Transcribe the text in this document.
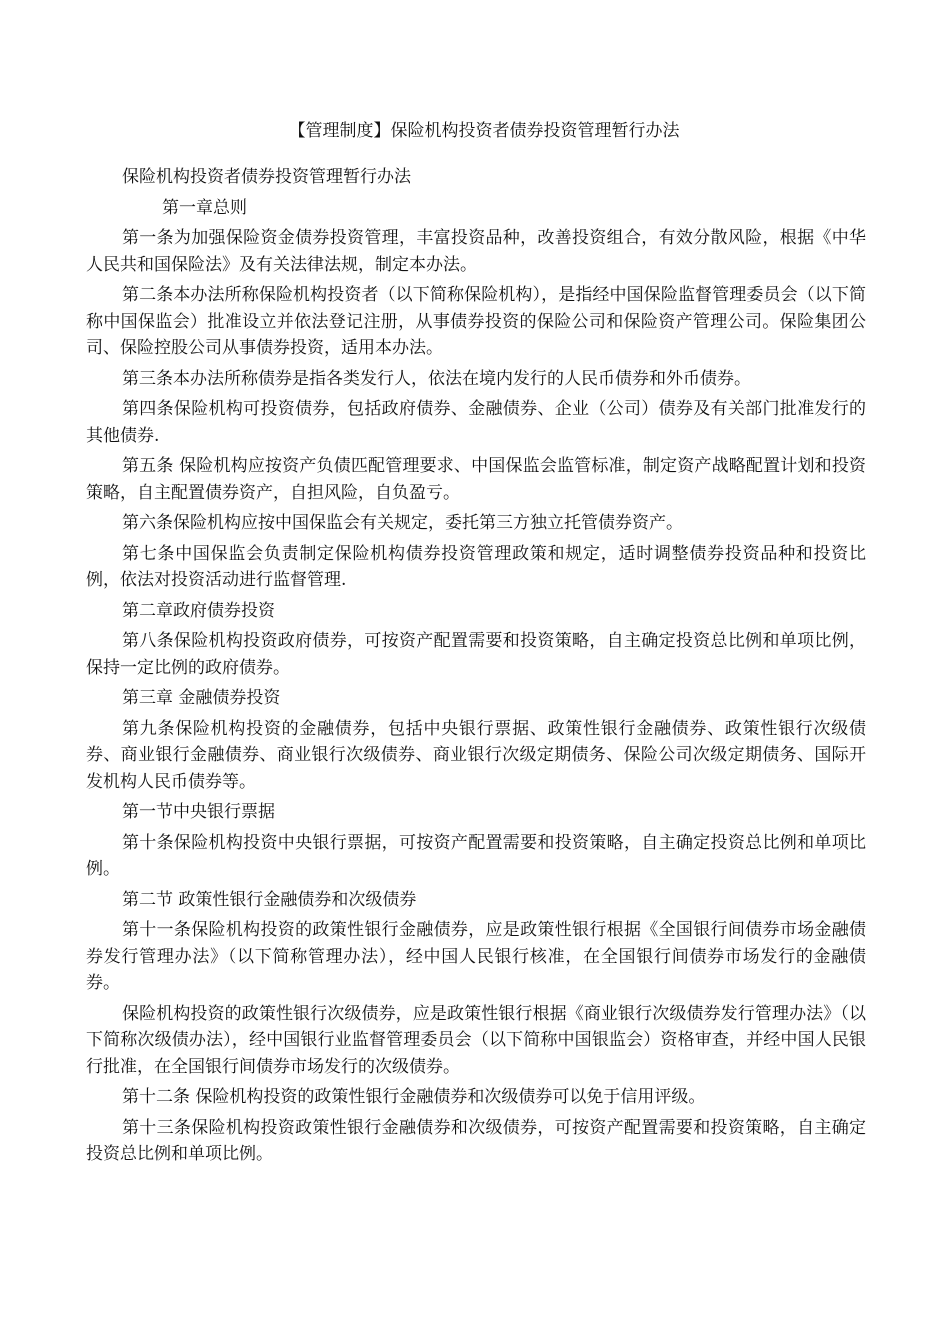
【管理制度】保险机构投资者债券投资管理暂行办法

保险机构投资者债券投资管理暂行办法

第一章总则

第一条为加强保险资金债券投资管理，丰富投资品种，改善投资组合，有效分散风险，根据《中华人民共和国保险法》及有关法律法规，制定本办法。

第二条本办法所称保险机构投资者（以下简称保险机构），是指经中国保险监督管理委员会（以下简称中国保监会）批准设立并依法登记注册，从事债券投资的保险公司和保险资产管理公司。保险集团公司、保险控股公司从事债券投资，适用本办法。

第三条本办法所称债券是指各类发行人，依法在境内发行的人民币债券和外币债券。

第四条保险机构可投资债券，包括政府债券、金融债券、企业（公司）债券及有关部门批准发行的其他债券.

第五条 保险机构应按资产负债匹配管理要求、中国保监会监管标准，制定资产战略配置计划和投资策略，自主配置债券资产，自担风险，自负盈亏。

第六条保险机构应按中国保监会有关规定，委托第三方独立托管债券资产。

第七条中国保监会负责制定保险机构债券投资管理政策和规定，适时调整债券投资品种和投资比例，依法对投资活动进行监督管理.

第二章政府债券投资

第八条保险机构投资政府债券，可按资产配置需要和投资策略，自主确定投资总比例和单项比例，保持一定比例的政府债券。

第三章 金融债券投资

第九条保险机构投资的金融债券，包括中央银行票据、政策性银行金融债券、政策性银行次级债券、商业银行金融债券、商业银行次级债券、商业银行次级定期债务、保险公司次级定期债务、国际开发机构人民币债券等。

第一节中央银行票据

第十条保险机构投资中央银行票据，可按资产配置需要和投资策略，自主确定投资总比例和单项比例。

第二节 政策性银行金融债券和次级债券

第十一条保险机构投资的政策性银行金融债券，应是政策性银行根据《全国银行间债券市场金融债券发行管理办法》（以下简称管理办法），经中国人民银行核准，在全国银行间债券市场发行的金融债券。

保险机构投资的政策性银行次级债券，应是政策性银行根据《商业银行次级债券发行管理办法》（以下简称次级债办法），经中国银行业监督管理委员会（以下简称中国银监会）资格审查，并经中国人民银行批准，在全国银行间债券市场发行的次级债券。

第十二条 保险机构投资的政策性银行金融债券和次级债券可以免于信用评级。

第十三条保险机构投资政策性银行金融债券和次级债券，可按资产配置需要和投资策略，自主确定投资总比例和单项比例。
